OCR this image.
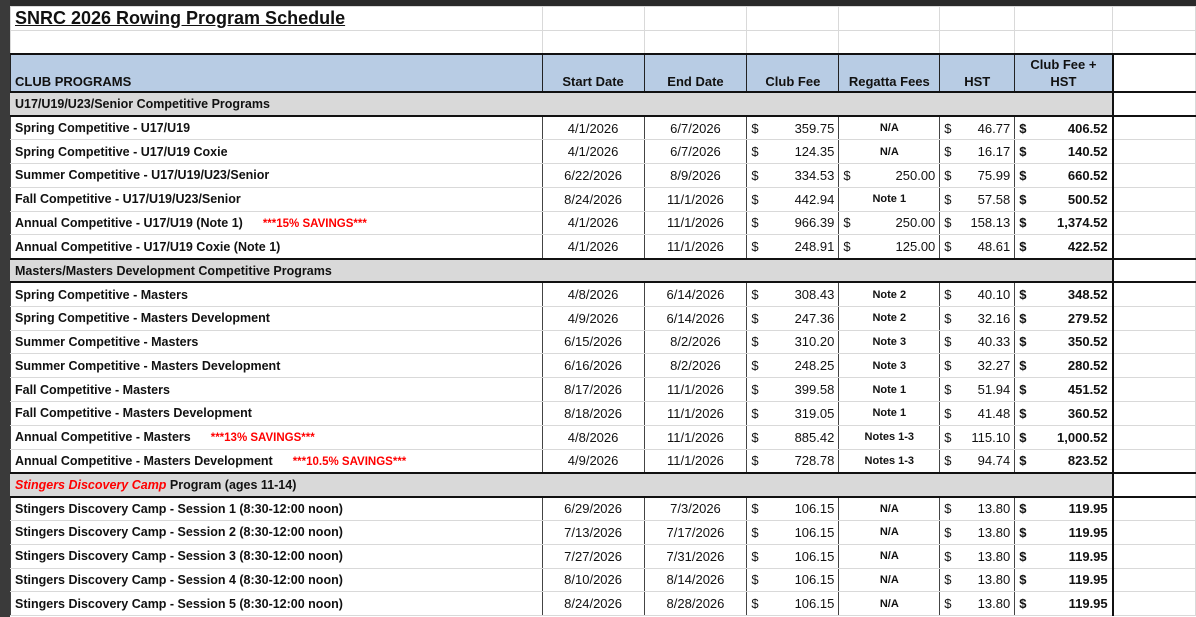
SNRC 2026 Rowing Program Schedule							

CLUB PROGRAMS	Start Date	End Date	Club Fee	Regatta Fees	HST	Club Fee +
HST	

U17/U19/U23/Senior Competitive Programs							
Spring Competitive - U17/U19	4/1/2026	6/7/2026	$ 359.75	N/A	$ 46.77	$ 406.52	

Spring Competitive - U17/U19 Coxie	4/1/2026	6/7/2026	$ 124.35	N/A	$ 16.17	$ 140.52	

Summer Competitive - U17/U19/U23/Senior	6/22/2026	8/9/2026	$ 334.53	$ 250.00	$ 75.99	$ 660.52	

Fall Competitive - U17/U19/U23/Senior	8/24/2026	11/1/2026	$ 442.94	Note 1	$ 57.58	$ 500.52	

Annual Competitive - U17/U19 (Note 1) ***15% SAVINGS***	4/1/2026	11/1/2026	$ 966.39	$ 250.00	$ 158.13	$ 1,374.52	

Annual Competitive - U17/U19 Coxie (Note 1)	4/1/2026	11/1/2026	$ 248.91	$ 125.00	$ 48.61	$ 422.52	

Masters/Masters Development Competitive Programs							
Spring Competitive - Masters	4/8/2026	6/14/2026	$ 308.43	Note 2	$ 40.10	$ 348.52	

Spring Competitive - Masters Development	4/9/2026	6/14/2026	$ 247.36	Note 2	$ 32.16	$ 279.52	

Summer Competitive - Masters	6/15/2026	8/2/2026	$ 310.20	Note 3	$ 40.33	$ 350.52	

Summer Competitive - Masters Development	6/16/2026	8/2/2026	$ 248.25	Note 3	$ 32.27	$ 280.52	

Fall Competitive - Masters	8/17/2026	11/1/2026	$ 399.58	Note 1	$ 51.94	$ 451.52	

Fall Competitive - Masters Development	8/18/2026	11/1/2026	$ 319.05	Note 1	$ 41.48	$ 360.52	

Annual Competitive - Masters ***13% SAVINGS***	4/8/2026	11/1/2026	$ 885.42	Notes 1-3	$ 115.10	$ 1,000.52	

Annual Competitive - Masters Development ***10.5% SAVINGS***	4/9/2026	11/1/2026	$ 728.78	Notes 1-3	$ 94.74	$ 823.52	

Stingers Discovery Camp Program (ages 11-14)							
Stingers Discovery Camp - Session 1 (8:30-12:00 noon)	6/29/2026	7/3/2026	$ 106.15	N/A	$ 13.80	$ 119.95	

Stingers Discovery Camp - Session 2 (8:30-12:00 noon)	7/13/2026	7/17/2026	$ 106.15	N/A	$ 13.80	$ 119.95	

Stingers Discovery Camp - Session 3 (8:30-12:00 noon)	7/27/2026	7/31/2026	$ 106.15	N/A	$ 13.80	$ 119.95	

Stingers Discovery Camp - Session 4 (8:30-12:00 noon)	8/10/2026	8/14/2026	$ 106.15	N/A	$ 13.80	$ 119.95	

Stingers Discovery Camp - Session 5 (8:30-12:00 noon)	8/24/2026	8/28/2026	$ 106.15	N/A	$ 13.80	$ 119.95	
